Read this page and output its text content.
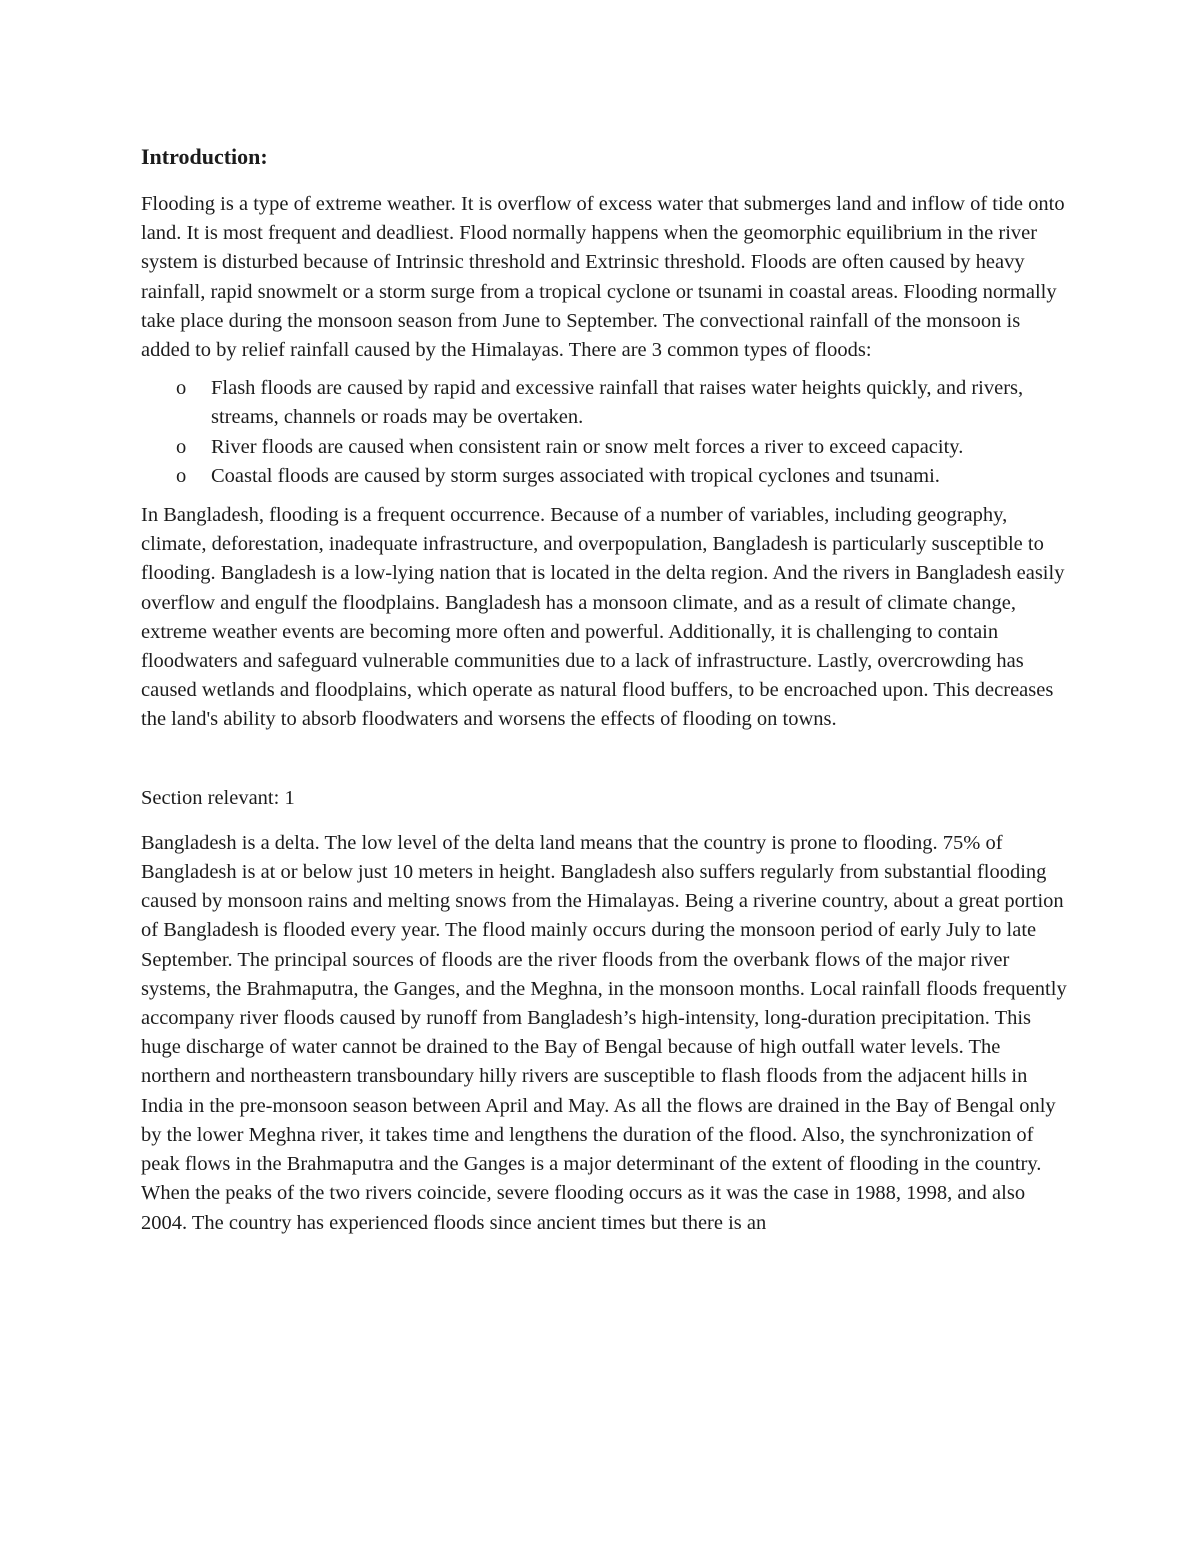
Introduction:

Flooding is a type of extreme weather. It is overflow of excess water that submerges land and inflow of tide onto land. It is most frequent and deadliest. Flood normally happens when the geomorphic equilibrium in the river system is disturbed because of Intrinsic threshold and Extrinsic threshold. Floods are often caused by heavy rainfall, rapid snowmelt or a storm surge from a tropical cyclone or tsunami in coastal areas. Flooding normally take place during the monsoon season from June to September. The convectional rainfall of the monsoon is added to by relief rainfall caused by the Himalayas. There are 3 common types of floods:

o Flash floods are caused by rapid and excessive rainfall that raises water heights quickly, and rivers, streams, channels or roads may be overtaken.
o River floods are caused when consistent rain or snow melt forces a river to exceed capacity.
o Coastal floods are caused by storm surges associated with tropical cyclones and tsunami.

In Bangladesh, flooding is a frequent occurrence. Because of a number of variables, including geography, climate, deforestation, inadequate infrastructure, and overpopulation, Bangladesh is particularly susceptible to flooding. Bangladesh is a low-lying nation that is located in the delta region. And the rivers in Bangladesh easily overflow and engulf the floodplains. Bangladesh has a monsoon climate, and as a result of climate change, extreme weather events are becoming more often and powerful. Additionally, it is challenging to contain floodwaters and safeguard vulnerable communities due to a lack of infrastructure. Lastly, overcrowding has caused wetlands and floodplains, which operate as natural flood buffers, to be encroached upon. This decreases the land's ability to absorb floodwaters and worsens the effects of flooding on towns.

Section relevant: 1

Bangladesh is a delta. The low level of the delta land means that the country is prone to flooding. 75% of Bangladesh is at or below just 10 meters in height. Bangladesh also suffers regularly from substantial flooding caused by monsoon rains and melting snows from the Himalayas. Being a riverine country, about a great portion of Bangladesh is flooded every year. The flood mainly occurs during the monsoon period of early July to late September. The principal sources of floods are the river floods from the overbank flows of the major river systems, the Brahmaputra, the Ganges, and the Meghna, in the monsoon months. Local rainfall floods frequently accompany river floods caused by runoff from Bangladesh’s high-intensity, long-duration precipitation. This huge discharge of water cannot be drained to the Bay of Bengal because of high outfall water levels. The northern and northeastern transboundary hilly rivers are susceptible to flash floods from the adjacent hills in India in the pre-monsoon season between April and May. As all the flows are drained in the Bay of Bengal only by the lower Meghna river, it takes time and lengthens the duration of the flood. Also, the synchronization of peak flows in the Brahmaputra and the Ganges is a major determinant of the extent of flooding in the country. When the peaks of the two rivers coincide, severe flooding occurs as it was the case in 1988, 1998, and also 2004. The country has experienced floods since ancient times but there is an
